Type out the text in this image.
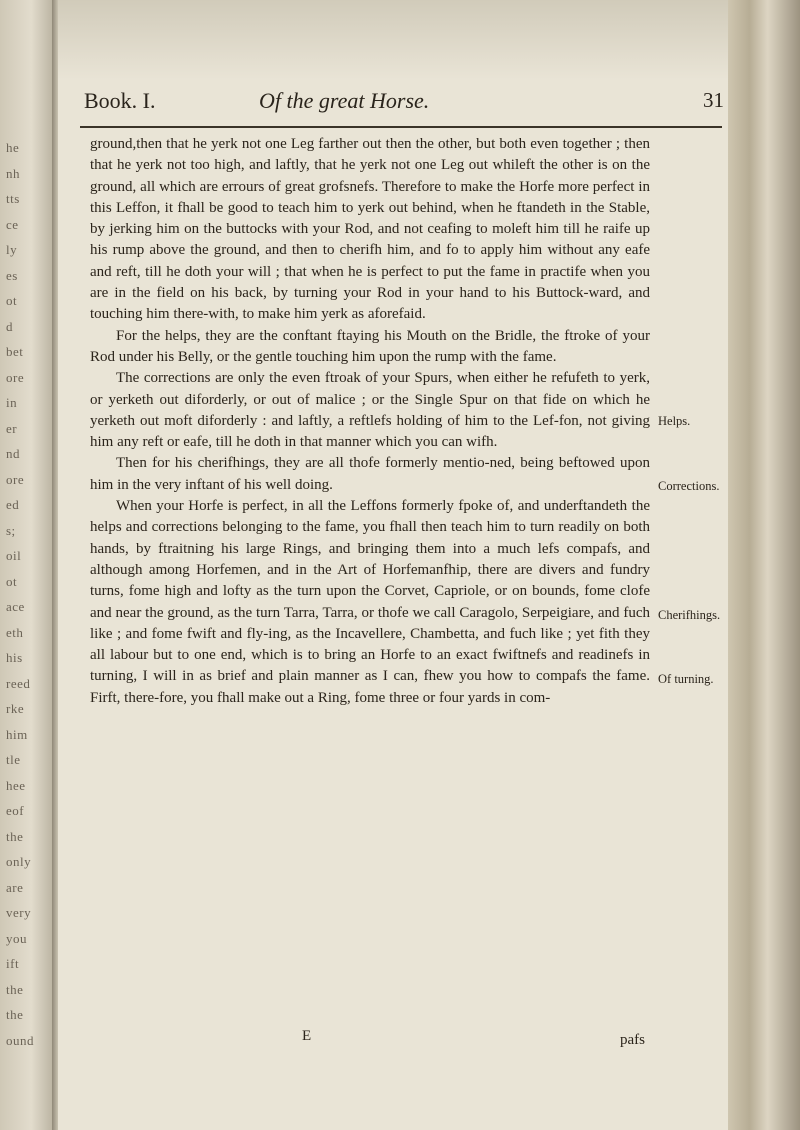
he
nh
tts
ce
ly
es
ot
d
bet
ore
in
er
nd
ore
ed
s;
oil
ot
ace
eth
his
reed
rke
him
tle
hee
eof
the
only
are
very
you
ift
the
the
ound
Book. I.	Of the great Horse.	31

ground,then that he yerk not one Leg farther out then the other, but both even together ; then that he yerk not too high, and laftly, that he yerk not one Leg out whileft the other is on the ground, all which are errours of great grofsnefs. Therefore to make the Horfe more perfect in this Leffon, it fhall be good to teach him to yerk out behind, when he ftandeth in the Stable, by jerking him on the buttocks with your Rod, and not ceafing to moleft him till he raife up his rump above the ground, and then to cherifh him, and fo to apply him without any eafe and reft, till he doth your will ; that when he is perfect to put the fame in practife when you are in the field on his back, by turning your Rod in your hand to his Buttock-ward, and touching him there-with, to make him yerk as aforefaid.

For the helps, they are the conftant ftaying his Mouth on the Bridle, the ftroke of your Rod under his Belly, or the gentle touching him upon the rump with the fame.

The corrections are only the even ftroak of your Spurs, when either he refufeth to yerk, or yerketh out diforderly, or out of malice ; or the Single Spur on that fide on which he yerketh out moft diforderly : and laftly, a reftlefs holding of him to the Lef-fon, not giving him any reft or eafe, till he doth in that manner which you can wifh.

Then for his cherifhings, they are all thofe formerly mentio-ned, being beftowed upon him in the very inftant of his well doing.

When your Horfe is perfect, in all the Leffons formerly fpoke of, and underftandeth the helps and corrections belonging to the fame, you fhall then teach him to turn readily on both hands, by ftraitning his large Rings, and bringing them into a much lefs compafs, and although among Horfemen, and in the Art of Horfemanfhip, there are divers and fundry turns, fome high and lofty as the turn upon the Corvet, Capriole, or on bounds, fome clofe and near the ground, as the turn Tarra, Tarra, or thofe we call Caragolo, Serpeigiare, and fuch like ; and fome fwift and fly-ing, as the Incavellere, Chambetta, and fuch like ; yet fith they all labour but to one end, which is to bring an Horfe to an exact fwiftnefs and readinefs in turning, I will in as brief and plain manner as I can, fhew you how to compafs the fame. Firft, there-fore, you fhall make out a Ring, fome three or four yards in com-

Helps.
Corrections.
Cherifhings.
Of turning.
E	pafs
